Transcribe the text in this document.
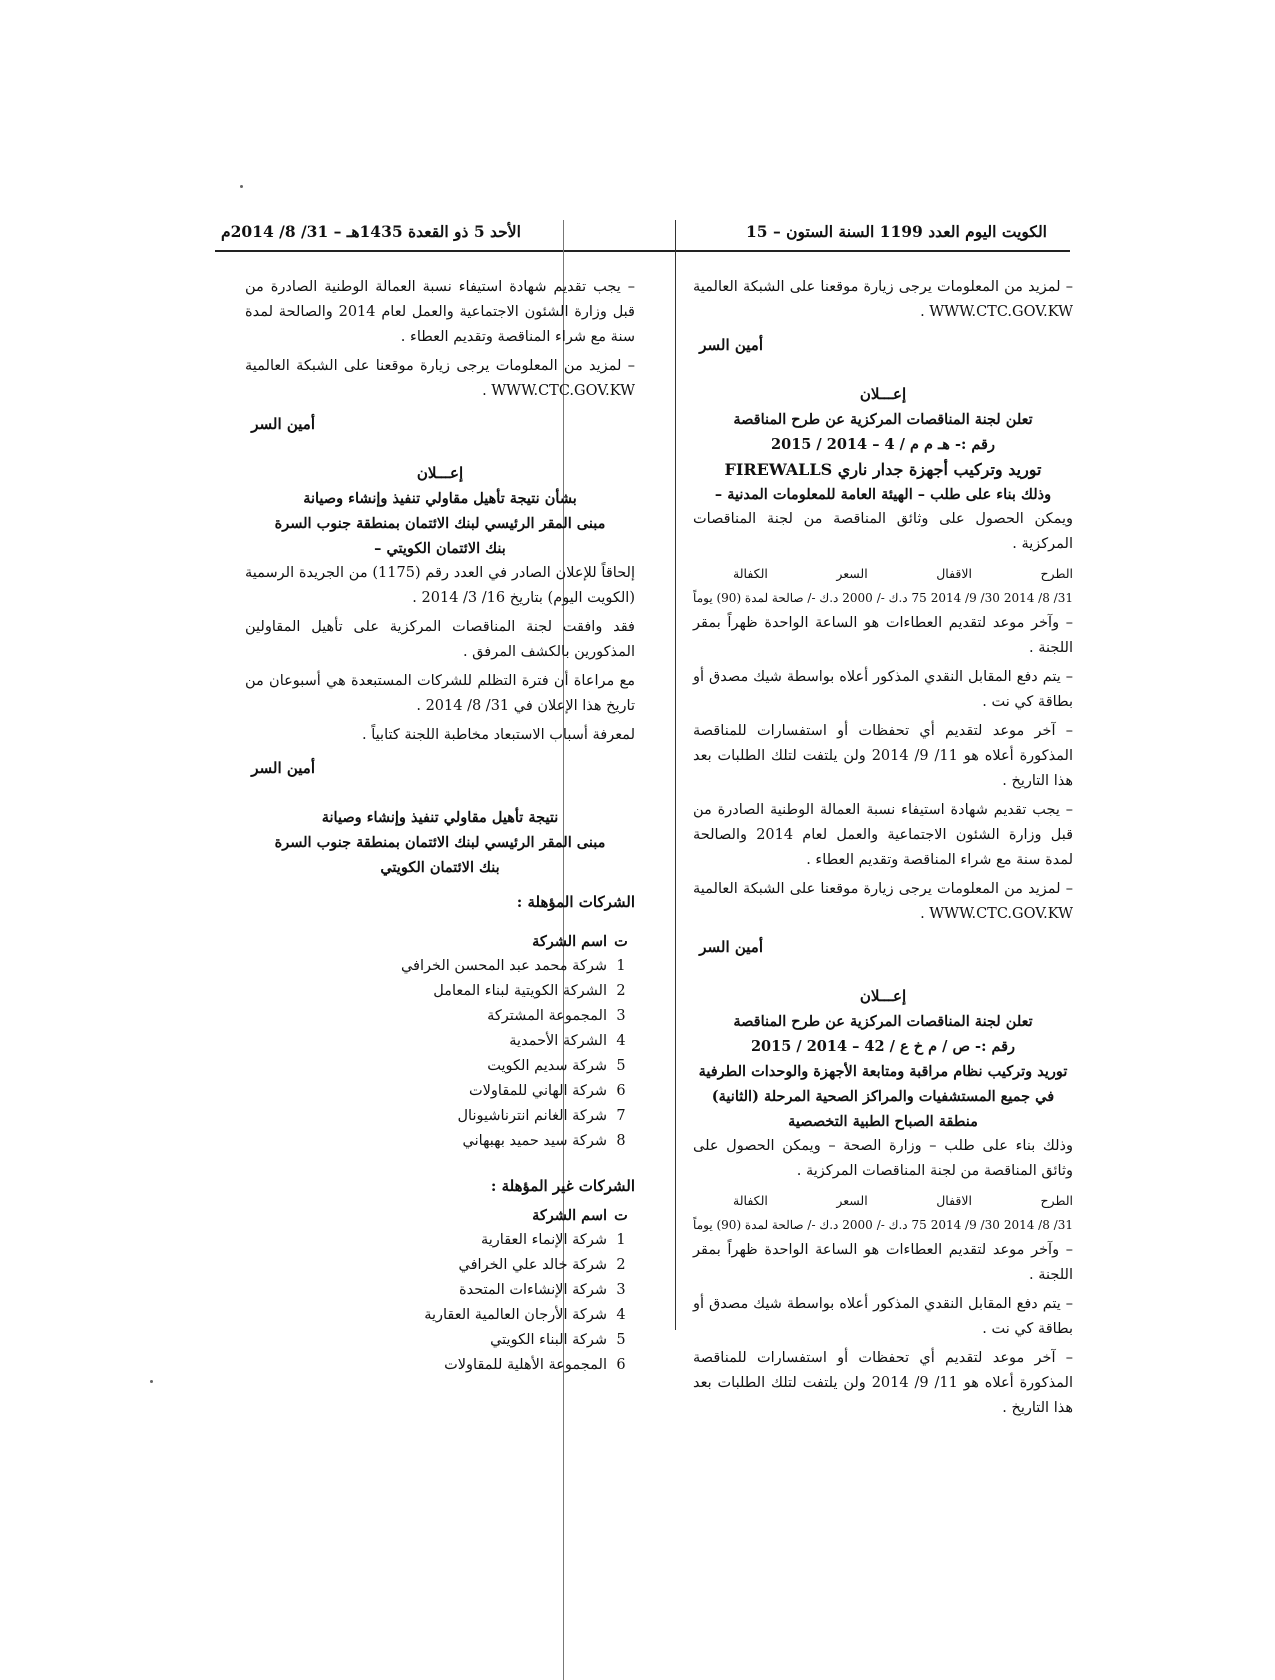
الكويت اليوم العدد 1199 السنة الستون – 15
الأحد 5 ذو القعدة 1435هـ – 31/ 8/ 2014م

– لمزيد من المعلومات يرجى زيارة موقعنا على الشبكة العالمية WWW.CTC.GOV.KW .

أمين السر

إعـــلان

تعلن لجنة المناقصات المركزية عن طرح المناقصة

رقم :- هـ م م / 4 – 2014 / 2015

توريد وتركيب أجهزة جدار ناري FIREWALLS

وذلك بناء على طلب – الهيئة العامة للمعلومات المدنية –

ويمكن الحصول على وثائق المناقصة من لجنة المناقصات المركزية .

الطرح
الاقفال
السعر
الكفالة
31/ 8/ 2014
30/ 9/ 2014
75 د.ك -/
2000 د.ك -/ صالحة لمدة (90) يوماً

– وآخر موعد لتقديم العطاءات هو الساعة الواحدة ظهراً بمقر اللجنة .

– يتم دفع المقابل النقدي المذكور أعلاه بواسطة شيك مصدق أو بطاقة كي نت .

– آخر موعد لتقديم أي تحفظات أو استفسارات للمناقصة المذكورة أعلاه هو 11/ 9/ 2014 ولن يلتفت لتلك الطلبات بعد هذا التاريخ .

– يجب تقديم شهادة استيفاء نسبة العمالة الوطنية الصادرة من قبل وزارة الشئون الاجتماعية والعمل لعام 2014 والصالحة لمدة سنة مع شراء المناقصة وتقديم العطاء .

– لمزيد من المعلومات يرجى زيارة موقعنا على الشبكة العالمية WWW.CTC.GOV.KW .

أمين السر

إعـــلان

تعلن لجنة المناقصات المركزية عن طرح المناقصة

رقم :- ص / م خ ع / 42 – 2014 / 2015

توريد وتركيب نظام مراقبة ومتابعة الأجهزة والوحدات الطرفية

في جميع المستشفيات والمراكز الصحية المرحلة (الثانية)

منطقة الصباح الطبية التخصصية

وذلك بناء على طلب – وزارة الصحة – ويمكن الحصول على وثائق المناقصة من لجنة المناقصات المركزية .

الطرح
الاقفال
السعر
الكفالة
31/ 8/ 2014
30/ 9/ 2014
75 د.ك -/
2000 د.ك -/ صالحة لمدة (90) يوماً

– وآخر موعد لتقديم العطاءات هو الساعة الواحدة ظهراً بمقر اللجنة .

– يتم دفع المقابل النقدي المذكور أعلاه بواسطة شيك مصدق أو بطاقة كي نت .

– آخر موعد لتقديم أي تحفظات أو استفسارات للمناقصة المذكورة أعلاه هو 11/ 9/ 2014 ولن يلتفت لتلك الطلبات بعد هذا التاريخ .

– يجب تقديم شهادة استيفاء نسبة العمالة الوطنية الصادرة من قبل وزارة الشئون الاجتماعية والعمل لعام 2014 والصالحة لمدة سنة مع شراء المناقصة وتقديم العطاء .

– لمزيد من المعلومات يرجى زيارة موقعنا على الشبكة العالمية WWW.CTC.GOV.KW .

أمين السر

إعـــلان

بشأن نتيجة تأهيل مقاولي تنفيذ وإنشاء وصيانة

مبنى المقر الرئيسي لبنك الائتمان بمنطقة جنوب السرة

بنك الائتمان الكويتي –

إلحاقاً للإعلان الصادر في العدد رقم (1175) من الجريدة الرسمية (الكويت اليوم) بتاريخ 16/ 3/ 2014 .

فقد وافقت لجنة المناقصات المركزية على تأهيل المقاولين المذكورين بالكشف المرفق .

مع مراعاة أن فترة التظلم للشركات المستبعدة هي أسبوعان من تاريخ هذا الإعلان في 31/ 8/ 2014 .

لمعرفة أسباب الاستبعاد مخاطبة اللجنة كتابياً .

أمين السر

نتيجة تأهيل مقاولي تنفيذ وإنشاء وصيانة

مبنى المقر الرئيسي لبنك الائتمان بمنطقة جنوب السرة

بنك الائتمان الكويتي

الشركات المؤهلة :

ت
اسم الشركة
1
شركة محمد عبد المحسن الخرافي
2
الشركة الكويتية لبناء المعامل
3
المجموعة المشتركة
4
الشركة الأحمدية
5
شركة سديم الكويت
6
شركة الهاني للمقاولات
7
شركة الغانم انترناشيونال
8
شركة سيد حميد بهبهاني

الشركات غير المؤهلة :

ت
اسم الشركة
1
شركة الإنماء العقارية
2
شركة خالد علي الخرافي
3
شركة الإنشاءات المتحدة
4
شركة الأرجان العالمية العقارية
5
شركة البناء الكويتي
6
المجموعة الأهلية للمقاولات
